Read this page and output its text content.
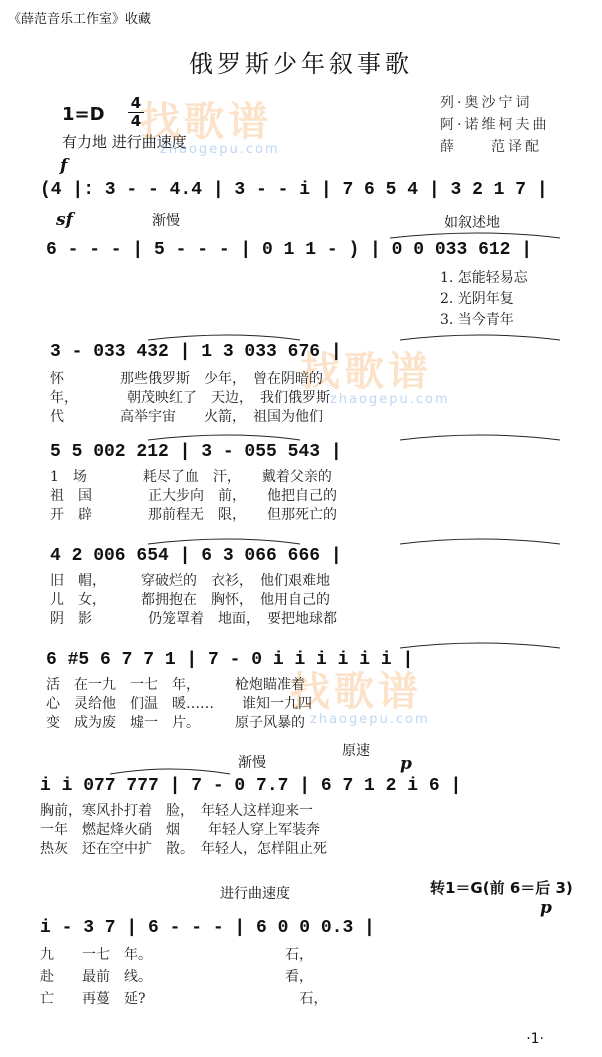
《薛范音乐工作室》收藏
俄罗斯少年叙事歌
1=D
4
4
有力地 进行曲速度
列·奥沙宁词
阿·诺维柯夫曲
薛　　范译配
找歌谱
zhaogepu.com
找歌谱
zhaogepu.com
找歌谱
zhaogepu.com
f
(4 |: 3 - - 4.4 | 3 - - i | 7 6 5 4 | 3 2 1 7 |
sf	渐慢	如叙述地
6 - - - | 5 - - - | 0 1 1 - ) | 0 0 033 612 |
1. 怎能轻易忘
2. 光阴年复
3. 当今青年
3 - 033 432 | 1 3 033 676 |
怀　　　　那些俄罗斯　少年，　曾在阴暗的
年，　　　　朝茂映红了　天边，　我们俄罗斯
代　　　　高举宇宙　　火箭，　祖国为他们
5 5 002 212 | 3 - 055 543 |
1　场　　　　耗尽了血　汗，　　戴着父亲的
祖　国　　　　正大步向　前，　　他把自己的
开　辟　　　　那前程无　限，　　但那死亡的
4 2 006 654 | 6 3 066 666 |
旧　帽，　　　穿破烂的　衣衫，　他们艰难地
儿　女，　　　都拥抱在　胸怀，　他用自己的
阴　影　　　　仍笼罩着　地面，　要把地球都
6 #5 6 7 7 1 | 7 - 0 i i i i i i |
活　在一九　一七　年，　　　枪炮瞄准着
心　灵给他　们温　暖……　　谁知一九四
变　成为废　墟一　片。　　　原子风暴的
渐慢
原速
p
i i 077 777 | 7 - 0 7.7 | 6 7 1 2 i 6 |
胸前，寒风扑打着　脸，　年轻人这样迎来一
一年　燃起烽火硝　烟　　年轻人穿上军装奔
热灰　还在空中扩　散。　年轻人，怎样阻止死
转1＝G(前 6＝后 3)
进行曲速度
p
i - 3 7 | 6 - - - | 6 0 0 0.3 |
九　　一七　年。　　　　　　　　　　石，
赴　　最前　线。　　　　　　　　　　看，
亡　　再蔓　延?　　　　　　　　　　　石，
·1·
